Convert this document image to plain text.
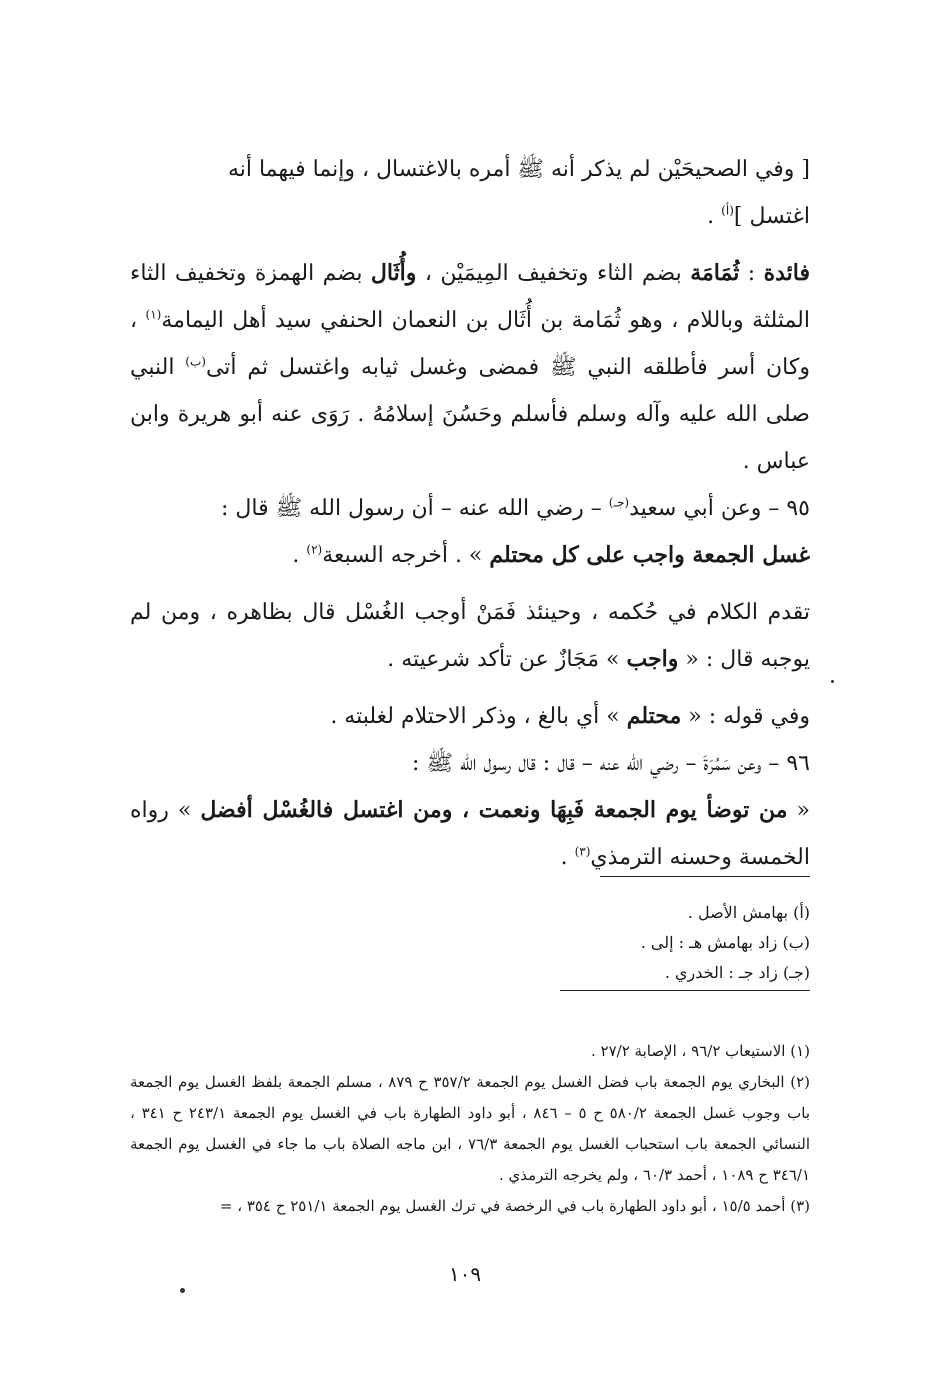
[ وفي الصحيحَيْن لم يذكر أنه ﷺ أمره بالاغتسال ، وإنما فيهما أنه
اغتسل ]$^{(أ)}$ .

فائدة : ثُمَامَة بضم الثاء وتخفيف المِيمَيْن ، وأُثَال بضم الهمزة وتخفيف الثاء المثلثة وباللام ، وهو ثُمَامة بن أُثَال بن النعمان الحنفي سيد أهل اليمامة$^{(١)}$ ، وكان أسر فأطلقه النبي ﷺ فمضى وغسل ثيابه واغتسل ثم أتى$^{(ب)}$ النبي صلى الله عليه وآله وسلم فأسلم وحَسُنَ إسلامُهُ . رَوَى عنه أبو هريرة وابن عباس .

٩٥ – وعن أبي سعيد$^{(جـ)}$ – رضي الله عنه – أن رسول الله ﷺ قال :
غسل الجمعة واجب على كل محتلم » . أخرجه السبعة$^{(٢)}$ .

تقدم الكلام في حُكمه ، وحينئذ فَمَنْ أوجب الغُسْل قال بظاهره ، ومن لم يوجبه قال : « واجب » مَجَازٌ عن تأكد شرعيته .

وفي قوله : « محتلم » أي بالغ ، وذكر الاحتلام لغلبته .

٩٦ – وعن سَمُرَةَ – رضي الله عنه – قال : قال رسول الله ﷺ :
« من توضأ يوم الجمعة فَبِهَا ونعمت ، ومن اغتسل فالغُسْل أفضل » رواه الخمسة وحسنه الترمذي$^{(٣)}$ .

(أ) بهامش الأصل .
(ب) زاد بهامش هـ : إلى .
(جـ) زاد جـ : الخدري .

(١) الاستيعاب ٩٦/٢ ، الإصابة ٢٧/٢ .

(٢) البخاري يوم الجمعة باب فضل الغسل يوم الجمعة ٣٥٧/٢ ح ٨٧٩ ، مسلم الجمعة بلفظ الغسل يوم الجمعة باب وجوب غسل الجمعة ٥٨٠/٢ ح ٥ – ٨٤٦ ، أبو داود الطهارة باب في الغسل يوم الجمعة ٢٤٣/١ ح ٣٤١ ، النسائي الجمعة باب استحباب الغسل يوم الجمعة ٧٦/٣ ، ابن ماجه الصلاة باب ما جاء في الغسل يوم الجمعة ٣٤٦/١ ح ١٠٨٩ ، أحمد ٦٠/٣ ، ولم يخرجه الترمذي .

(٣) أحمد ١٥/٥ ، أبو داود الطهارة باب في الرخصة في ترك الغسل يوم الجمعة ٢٥١/١ ح ٣٥٤ ، =

١٠٩
